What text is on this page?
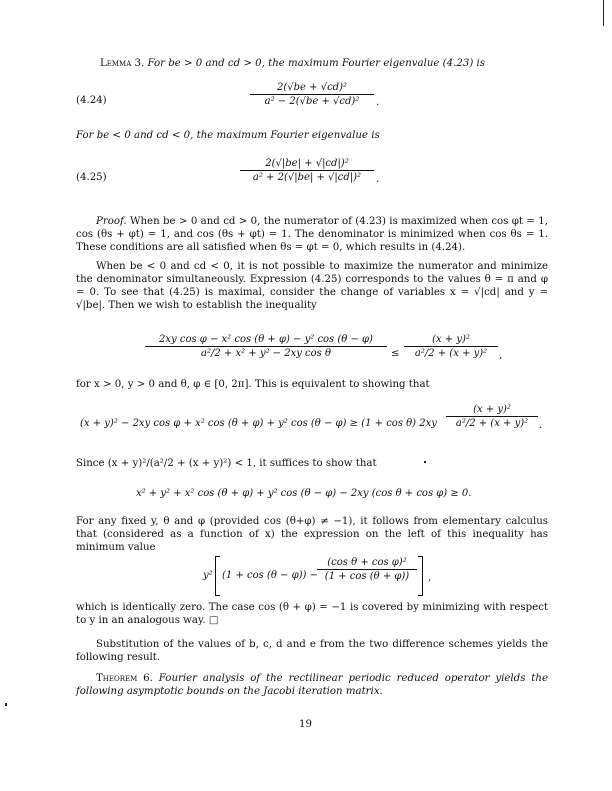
Lemma 3. For be > 0 and cd > 0, the maximum Fourier eigenvalue (4.23) is
(4.24)	$\frac{\text{2(√be + √cd)²}}{\text{a² − 2(√be + √cd)²}}$ .
For be < 0 and cd < 0, the maximum Fourier eigenvalue is
(4.25)	$\frac{\text{2(√|be| + √|cd|)²}}{\text{a² + 2(√|be| + √|cd|)²}}$ .
Proof. When be > 0 and cd > 0, the numerator of (4.23) is maximized when cos φt = 1, cos (θs + φt) = 1, and cos (θs + φt) = 1. The denominator is minimized when cos θs = 1. These conditions are all satisfied when θs = φt = 0, which results in (4.24).
When be < 0 and cd < 0, it is not possible to maximize the numerator and minimize the denominator simultaneously. Expression (4.25) corresponds to the values θ = π and φ = 0. To see that (4.25) is maximal, consider the change of variables x = √|cd| and y = √|be|. Then we wish to establish the inequality
$\frac{\text{2xy cos φ − x² cos (θ + φ) − y² cos (θ − φ)}}{\text{a²/2 + x² + y² − 2xy cos θ}} \le \frac{\text{(x + y)²}}{\text{a²/2 + (x + y)²}}$ ,
for x > 0, y > 0 and θ, φ ∈ [0, 2π]. This is equivalent to showing that
(x + y)² − 2xy cos φ + x² cos (θ + φ) + y² cos (θ − φ) ≥ (1 + cos θ) $2xy \frac{\text{(x + y)²}}{\text{a²/2 + (x + y)²}}$ .
Since (x + y)²/(a²/2 + (x + y)²) < 1, it suffices to show that
x² + y² + x² cos (θ + φ) + y² cos (θ − φ) − 2xy (cos θ + cos φ) ≥ 0.
For any fixed y, θ and φ (provided cos (θ+φ) ≠ −1), it follows from elementary calculus that (considered as a function of x) the expression on the left of this inequality has minimum value
y² $(1 + \cos (\theta - \varphi)) - \frac{\text{(cos θ + cos φ)²}}{(1 + \cos (\theta + \varphi))}$ ,
which is identically zero. The case cos (θ + φ) = −1 is covered by minimizing with respect to y in an analogous way. □
Substitution of the values of b, c, d and e from the two difference schemes yields the following result.
Theorem 6. Fourier analysis of the rectilinear periodic reduced operator yields the following asymptotic bounds on the Jacobi iteration matrix.
19
